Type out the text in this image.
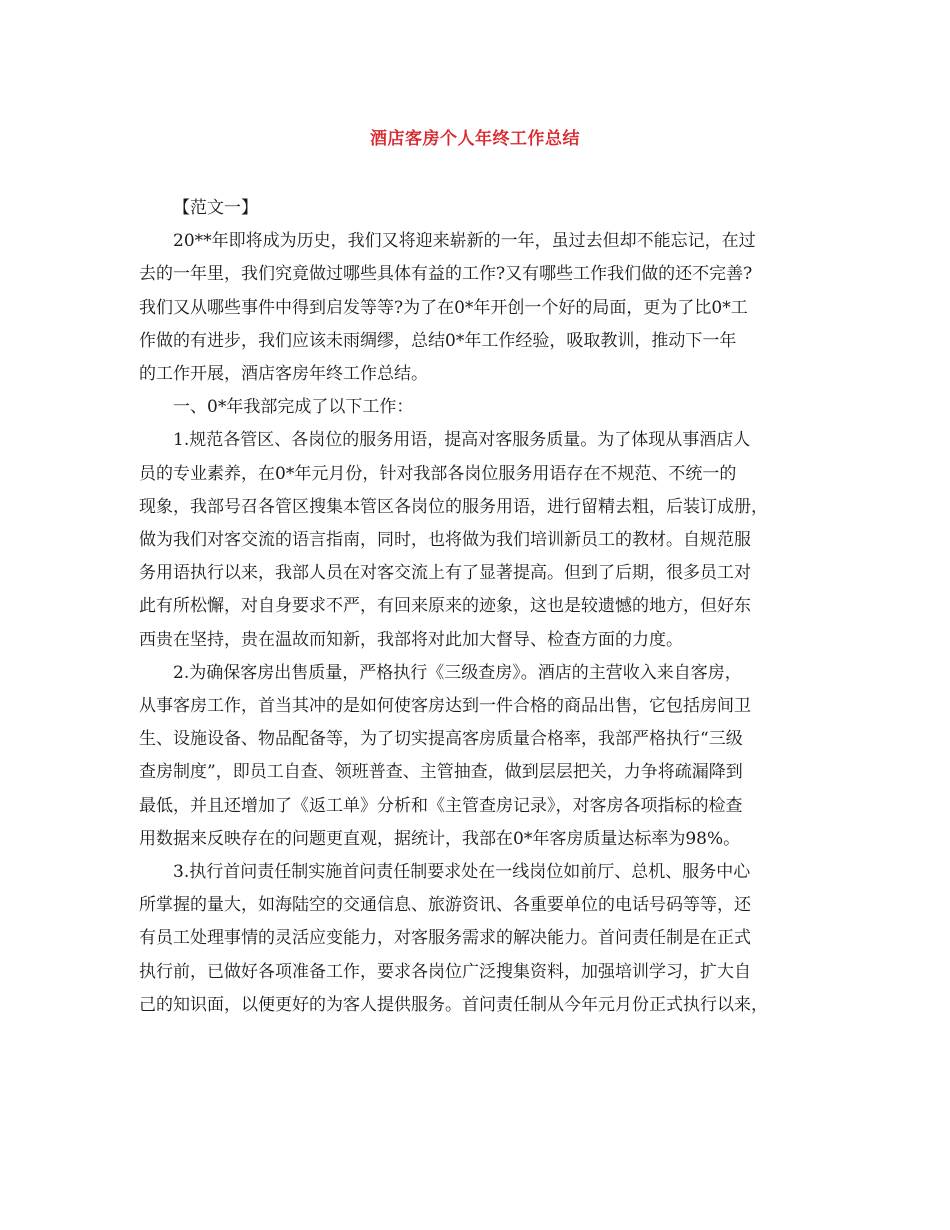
酒店客房个人年终工作总结
【范文一】
20**年即将成为历史，我们又将迎来崭新的一年，虽过去但却不能忘记，在过
去的一年里，我们究竟做过哪些具体有益的工作?又有哪些工作我们做的还不完善?
我们又从哪些事件中得到启发等等?为了在0*年开创一个好的局面，更为了比0*工
作做的有进步，我们应该未雨绸缪，总结0*年工作经验，吸取教训，推动下一年
的工作开展，酒店客房年终工作总结。
一、0*年我部完成了以下工作：
1.规范各管区、各岗位的服务用语，提高对客服务质量。为了体现从事酒店人
员的专业素养，在0*年元月份，针对我部各岗位服务用语存在不规范、不统一的
现象，我部号召各管区搜集本管区各岗位的服务用语，进行留精去粗，后装订成册，
做为我们对客交流的语言指南，同时，也将做为我们培训新员工的教材。自规范服
务用语执行以来，我部人员在对客交流上有了显著提高。但到了后期，很多员工对
此有所松懈，对自身要求不严，有回来原来的迹象，这也是较遗憾的地方，但好东
西贵在坚持，贵在温故而知新，我部将对此加大督导、检查方面的力度。
2.为确保客房出售质量，严格执行《三级查房》。酒店的主营收入来自客房，
从事客房工作，首当其冲的是如何使客房达到一件合格的商品出售，它包括房间卫
生、设施设备、物品配备等，为了切实提高客房质量合格率，我部严格执行“三级
查房制度”，即员工自查、领班普查、主管抽查，做到层层把关，力争将疏漏降到
最低，并且还增加了《返工单》分析和《主管查房记录》，对客房各项指标的检查
用数据来反映存在的问题更直观，据统计，我部在0*年客房质量达标率为98%。
3.执行首问责任制实施首问责任制要求处在一线岗位如前厅、总机、服务中心
所掌握的量大，如海陆空的交通信息、旅游资讯、各重要单位的电话号码等等，还
有员工处理事情的灵活应变能力，对客服务需求的解决能力。首问责任制是在正式
执行前，已做好各项准备工作，要求各岗位广泛搜集资料，加强培训学习，扩大自
己的知识面，以便更好的为客人提供服务。首问责任制从今年元月份正式执行以来，
